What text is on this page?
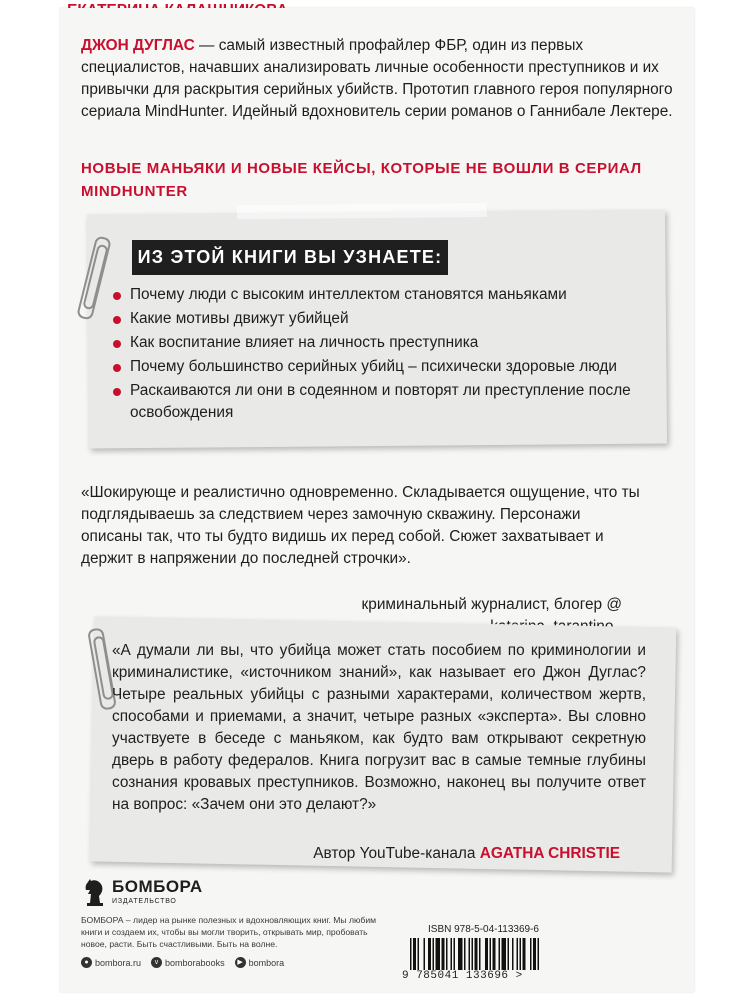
ДЖОН ДУГЛАС — самый известный профайлер ФБР, один из первых специалистов, начавших анализировать личные особенности преступников и их привычки для раскрытия серийных убийств. Прототип главного героя популярного сериала MindHunter. Идейный вдохновитель серии романов о Ганнибале Лектере.
НОВЫЕ МАНЬЯКИ И НОВЫЕ КЕЙСЫ, КОТОРЫЕ НЕ ВОШЛИ В СЕРИАЛ MINDHUNTER
ИЗ ЭТОЙ КНИГИ ВЫ УЗНАЕТЕ:
Почему люди с высоким интеллектом становятся маньяками
Какие мотивы движут убийцей
Как воспитание влияет на личность преступника
Почему большинство серийных убийц – психически здоровые люди
Раскаиваются ли они в содеянном и повторят ли преступление после освобождения
«Шокирующе и реалистично одновременно. Складывается ощущение, что ты подглядываешь за следствием через замочную скважину. Персонажи описаны так, что ты будто видишь их перед собой. Сюжет захватывает и держит в напряжении до последней строчки».
криминальный журналист, блогер @
«А думали ли вы, что убийца может стать пособием по криминологии и криминалистике, «источником знаний», как называет его Джон Дуглас? Четыре реальных убийцы с разными характерами, количеством жертв, способами и приемами, а значит, четыре разных «эксперта». Вы словно участвуете в беседе с маньяком, как будто вам открывают секретную дверь в работу федералов. Книга погрузит вас в самые темные глубины сознания кровавых преступников. Возможно, наконец вы получите ответ на вопрос: «Зачем они это делают?»
Автор YouTube-канала AGATHA CHRISTIE
БОМБОРА
ИЗДАТЕЛЬСТВО
БОМБОРА – лидер на рынке полезных и вдохновляющих книг. Мы любим книги и создаем их, чтобы вы могли творить, открывать мир, пробовать новое, расти. Быть счастливыми. Быть на волне.
● bombora.ru	v bomborabooks	▶ bombora
ISBN 978-5-04-113369-6
9 785041 133696 >
